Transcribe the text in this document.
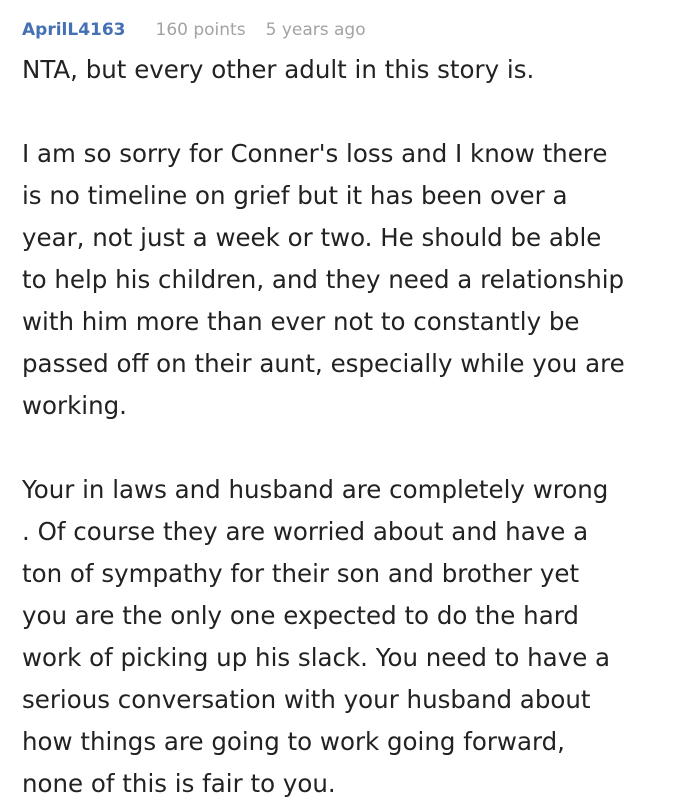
AprilL4163 160 points 5 years ago

NTA, but every other adult in this story is.

I am so sorry for Conner's loss and I know there
is no timeline on grief but it has been over a
year, not just a week or two. He should be able
to help his children, and they need a relationship
with him more than ever not to constantly be
passed off on their aunt, especially while you are
working.

Your in laws and husband are completely wrong
. Of course they are worried about and have a
ton of sympathy for their son and brother yet
you are the only one expected to do the hard
work of picking up his slack. You need to have a
serious conversation with your husband about
how things are going to work going forward,
none of this is fair to you.
